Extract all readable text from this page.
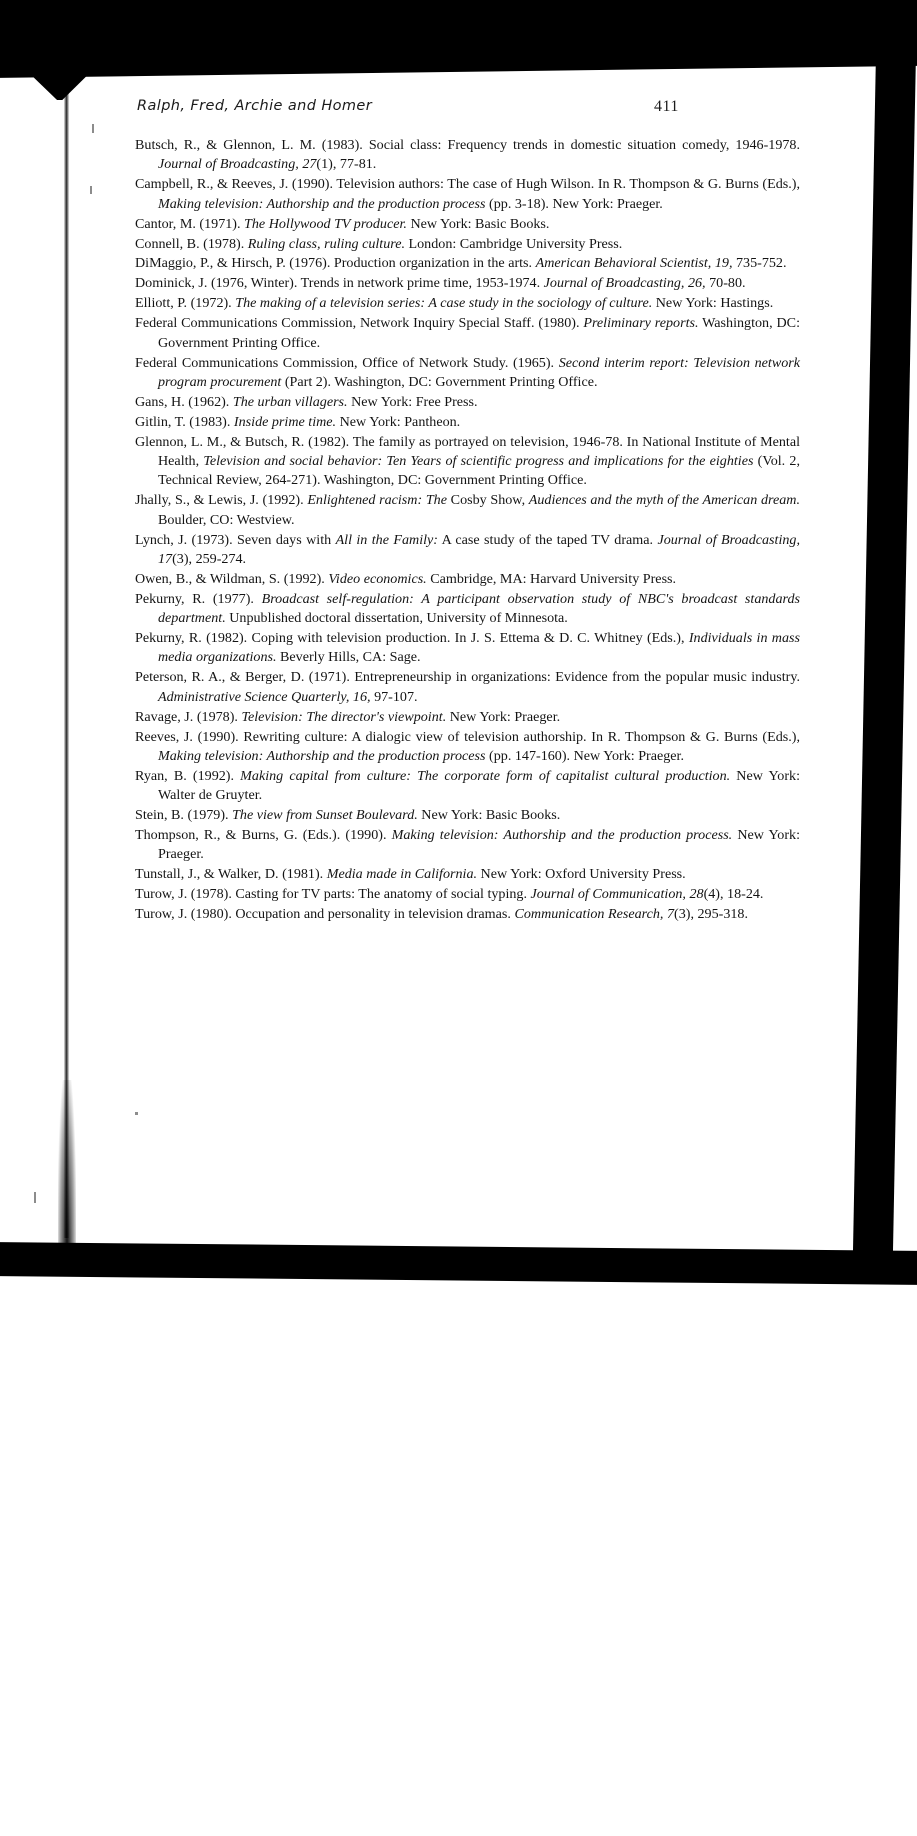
Ralph, Fred, Archie and Homer	411

Butsch, R., & Glennon, L. M. (1983). Social class: Frequency trends in domestic situation comedy, 1946-1978. Journal of Broadcasting, 27(1), 77-81.

Campbell, R., & Reeves, J. (1990). Television authors: The case of Hugh Wilson. In R. Thompson & G. Burns (Eds.), Making television: Authorship and the production process (pp. 3-18). New York: Praeger.

Cantor, M. (1971). The Hollywood TV producer. New York: Basic Books.

Connell, B. (1978). Ruling class, ruling culture. London: Cambridge University Press.

DiMaggio, P., & Hirsch, P. (1976). Production organization in the arts. American Behavioral Scientist, 19, 735-752.

Dominick, J. (1976, Winter). Trends in network prime time, 1953-1974. Journal of Broadcasting, 26, 70-80.

Elliott, P. (1972). The making of a television series: A case study in the sociology of culture. New York: Hastings.

Federal Communications Commission, Network Inquiry Special Staff. (1980). Preliminary reports. Washington, DC: Government Printing Office.

Federal Communications Commission, Office of Network Study. (1965). Second interim report: Television network program procurement (Part 2). Washington, DC: Government Printing Office.

Gans, H. (1962). The urban villagers. New York: Free Press.

Gitlin, T. (1983). Inside prime time. New York: Pantheon.

Glennon, L. M., & Butsch, R. (1982). The family as portrayed on television, 1946-78. In National Institute of Mental Health, Television and social behavior: Ten Years of scientific progress and implications for the eighties (Vol. 2, Technical Review, 264-271). Washington, DC: Government Printing Office.

Jhally, S., & Lewis, J. (1992). Enlightened racism: The Cosby Show, Audiences and the myth of the American dream. Boulder, CO: Westview.

Lynch, J. (1973). Seven days with All in the Family: A case study of the taped TV drama. Journal of Broadcasting, 17(3), 259-274.

Owen, B., & Wildman, S. (1992). Video economics. Cambridge, MA: Harvard University Press.

Pekurny, R. (1977). Broadcast self-regulation: A participant observation study of NBC's broadcast standards department. Unpublished doctoral dissertation, University of Minnesota.

Pekurny, R. (1982). Coping with television production. In J. S. Ettema & D. C. Whitney (Eds.), Individuals in mass media organizations. Beverly Hills, CA: Sage.

Peterson, R. A., & Berger, D. (1971). Entrepreneurship in organizations: Evidence from the popular music industry. Administrative Science Quarterly, 16, 97-107.

Ravage, J. (1978). Television: The director's viewpoint. New York: Praeger.

Reeves, J. (1990). Rewriting culture: A dialogic view of television authorship. In R. Thompson & G. Burns (Eds.), Making television: Authorship and the production process (pp. 147-160). New York: Praeger.

Ryan, B. (1992). Making capital from culture: The corporate form of capitalist cultural production. New York: Walter de Gruyter.

Stein, B. (1979). The view from Sunset Boulevard. New York: Basic Books.

Thompson, R., & Burns, G. (Eds.). (1990). Making television: Authorship and the production process. New York: Praeger.

Tunstall, J., & Walker, D. (1981). Media made in California. New York: Oxford University Press.

Turow, J. (1978). Casting for TV parts: The anatomy of social typing. Journal of Communication, 28(4), 18-24.

Turow, J. (1980). Occupation and personality in television dramas. Communication Research, 7(3), 295-318.
